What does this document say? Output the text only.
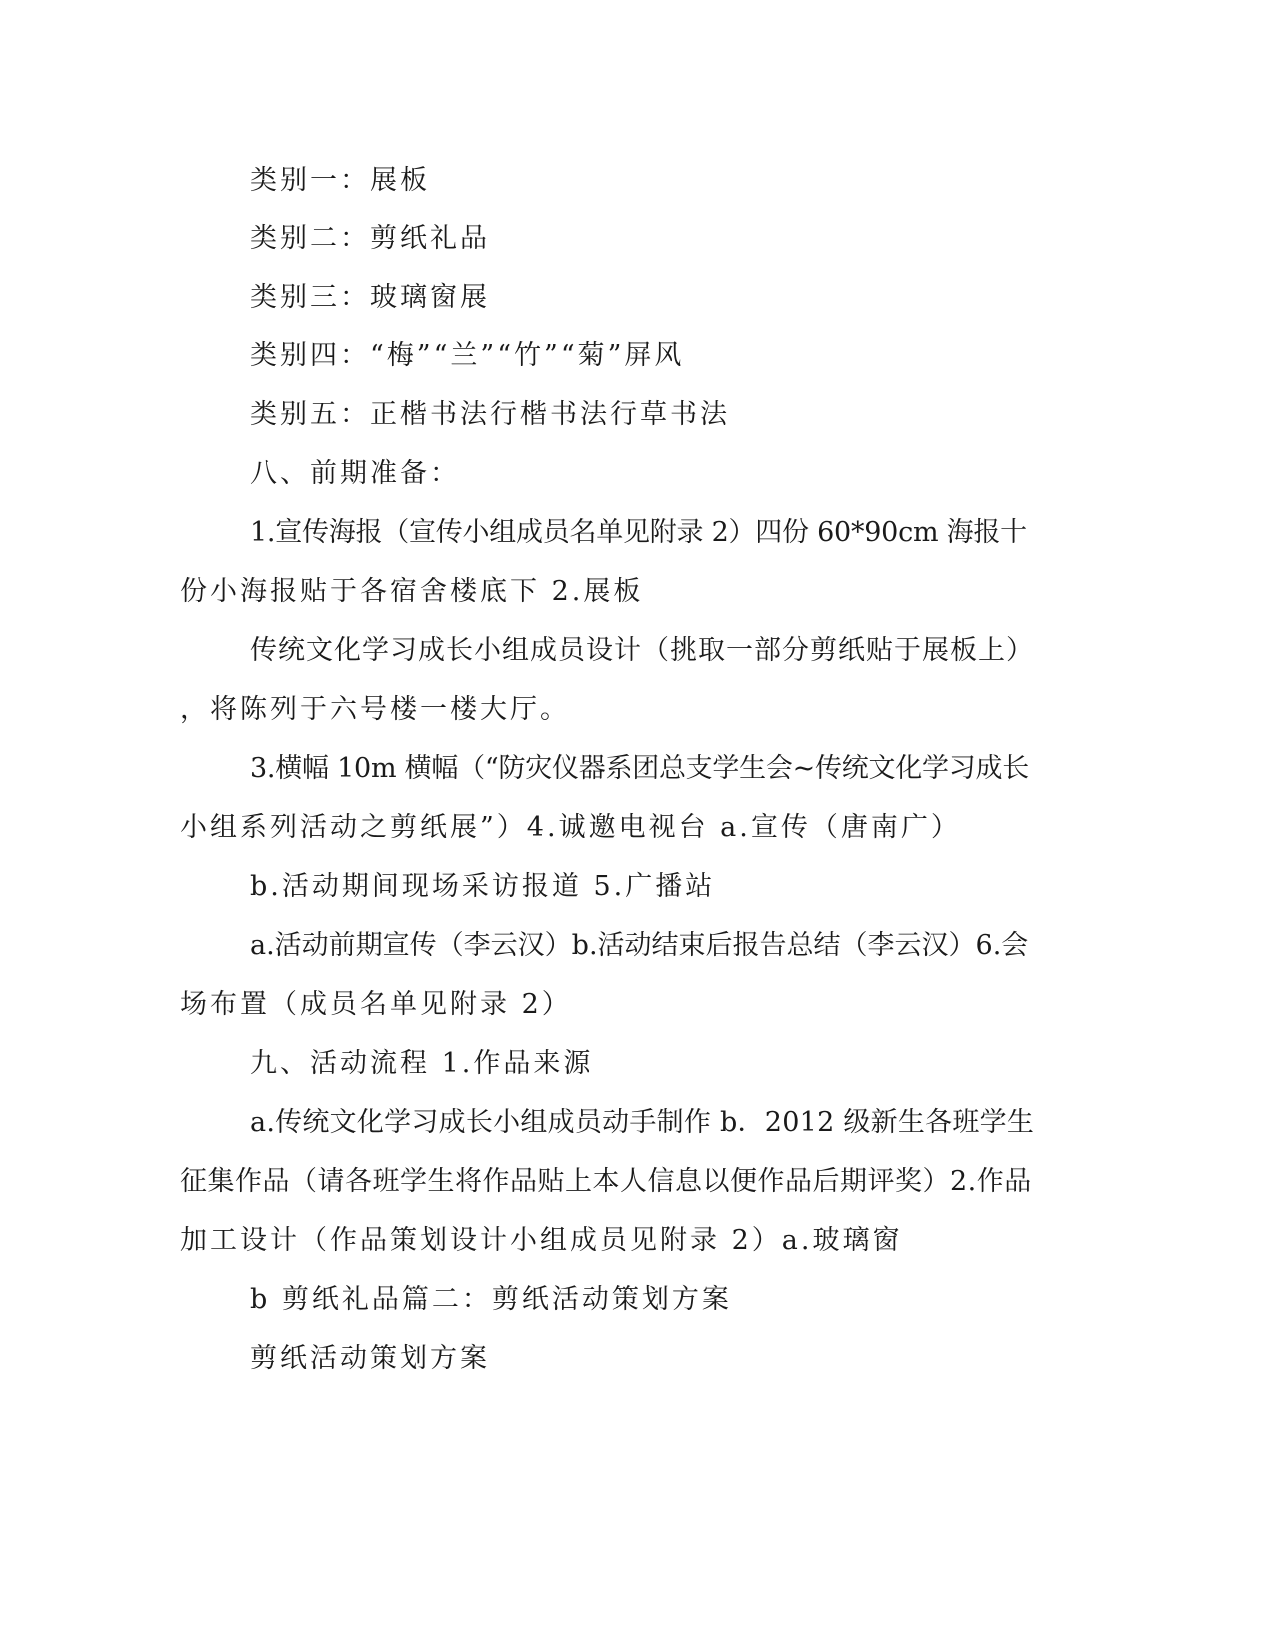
类别一：展板

类别二：剪纸礼品

类别三：玻璃窗展

类别四：“梅”“兰”“竹”“菊”屏风

类别五：正楷书法行楷书法行草书法

八、前期准备：

1.宣传海报（宣传小组成员名单见附录 2）四份 60*90cm 海报十

份小海报贴于各宿舍楼底下 2.展板

传统文化学习成长小组成员设计（挑取一部分剪纸贴于展板上）

，将陈列于六号楼一楼大厅。

3.横幅 10m 横幅（“防灾仪器系团总支学生会~传统文化学习成长

小组系列活动之剪纸展”）4.诚邀电视台 a.宣传（唐南广）

b.活动期间现场采访报道 5.广播站

a.活动前期宣传（李云汉）b.活动结束后报告总结（李云汉）6.会

场布置（成员名单见附录 2）

九、活动流程 1.作品来源

a.传统文化学习成长小组成员动手制作 b．2012 级新生各班学生

征集作品（请各班学生将作品贴上本人信息以便作品后期评奖）2.作品

加工设计（作品策划设计小组成员见附录 2）a.玻璃窗

b 剪纸礼品篇二：剪纸活动策划方案

剪纸活动策划方案
